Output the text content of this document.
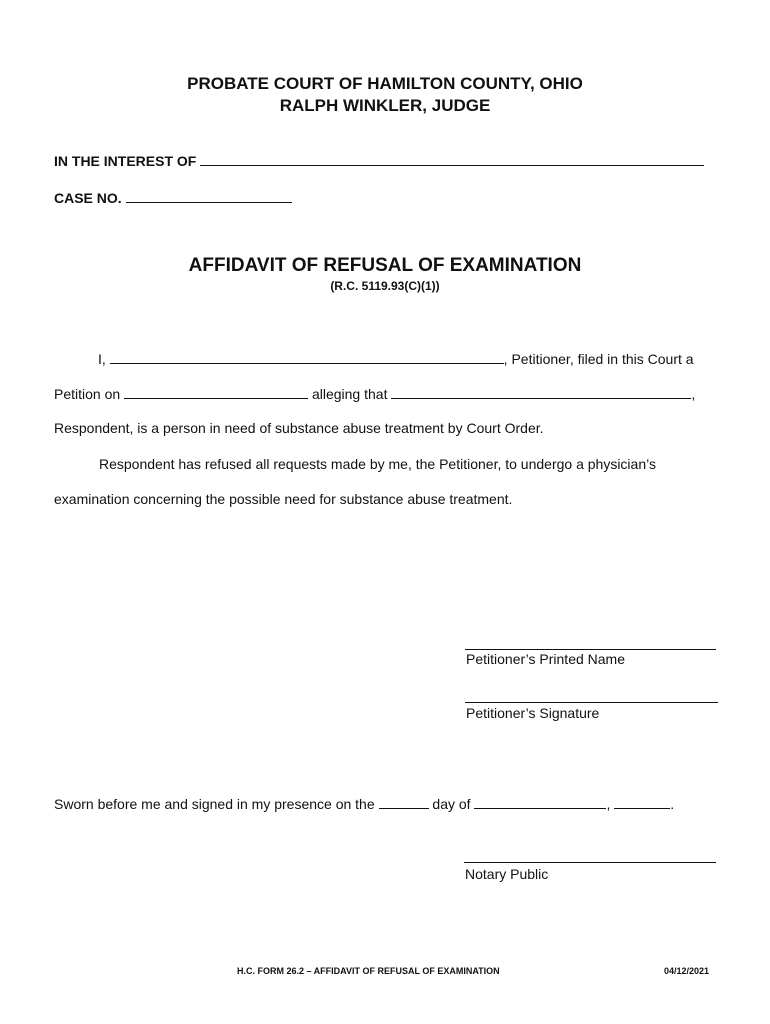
PROBATE COURT OF HAMILTON COUNTY, OHIO
RALPH WINKLER, JUDGE
IN THE INTEREST OF
CASE NO.
AFFIDAVIT OF REFUSAL OF EXAMINATION
(R.C. 5119.93(C)(1))
I,	, Petitioner, filed in this Court a
Petition on	alleging that	,
Respondent, is a person in need of substance abuse treatment by Court Order.
Respondent has refused all requests made by me, the Petitioner, to undergo a physician’s
examination concerning the possible need for substance abuse treatment.
Petitioner’s Printed Name
Petitioner’s Signature
Sworn before me and signed in my presence on the	day of	,	.
Notary Public
H.C. FORM 26.2 – AFFIDAVIT OF REFUSAL OF EXAMINATION	04/12/2021
